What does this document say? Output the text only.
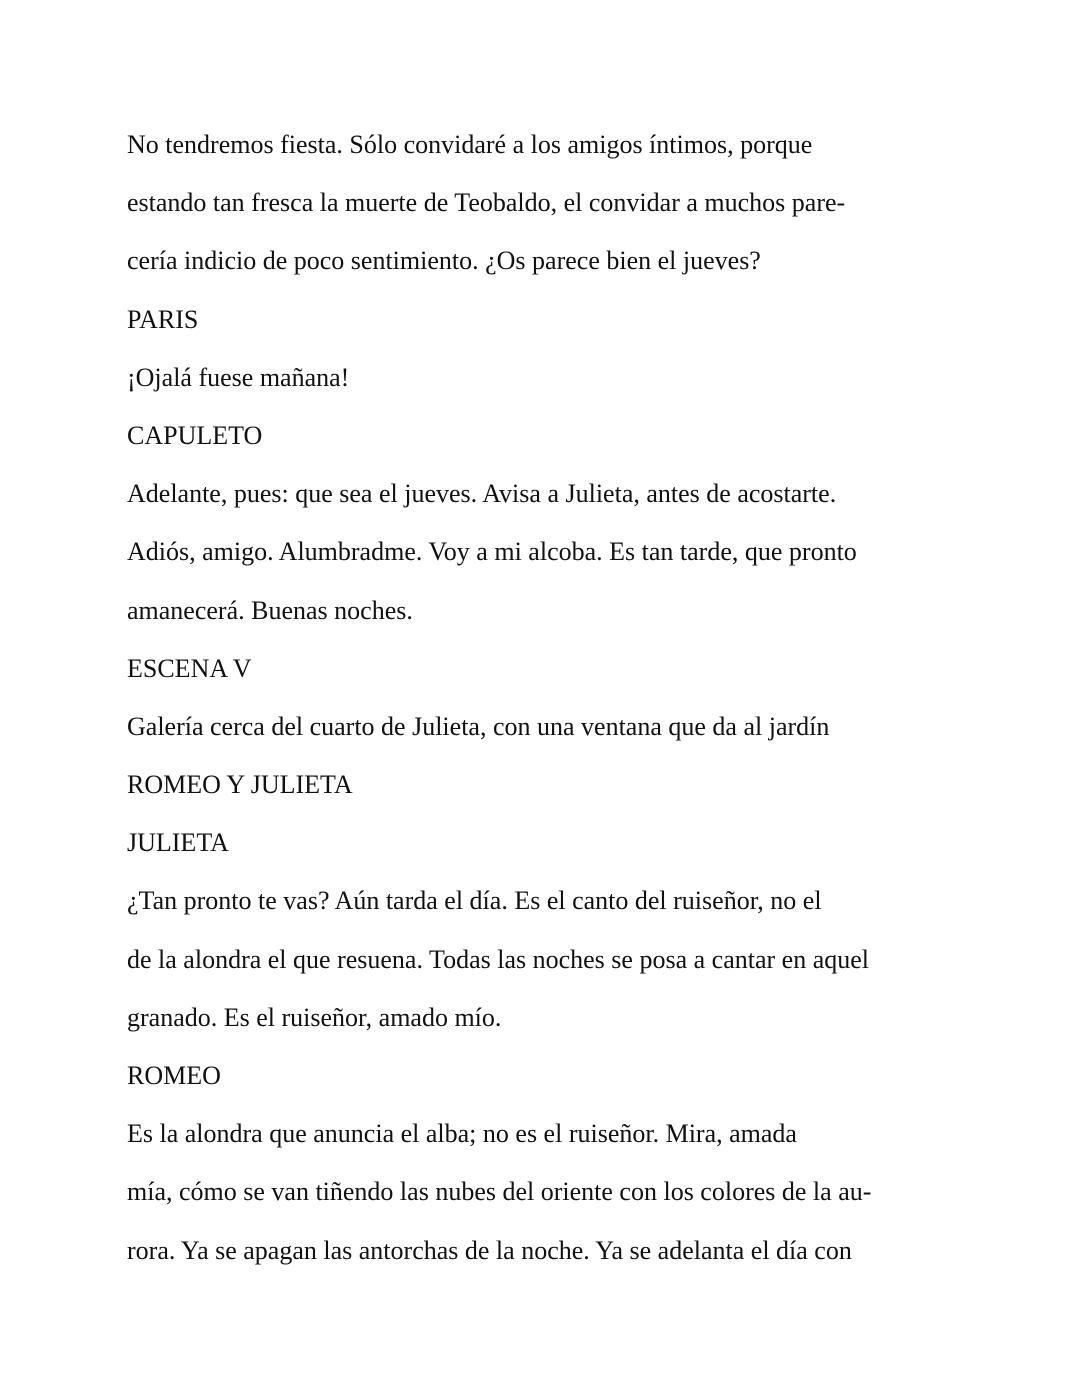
No tendremos fiesta. Sólo convidaré a los amigos íntimos, porque

estando tan fresca la muerte de Teobaldo, el convidar a muchos pare-

cería indicio de poco sentimiento. ¿Os parece bien el jueves?

PARIS

¡Ojalá fuese mañana!

CAPULETO

Adelante, pues: que sea el jueves. Avisa a Julieta, antes de acostarte.

Adiós, amigo. Alumbradme. Voy a mi alcoba. Es tan tarde, que pronto

amanecerá. Buenas noches.

ESCENA V

Galería cerca del cuarto de Julieta, con una ventana que da al jardín

ROMEO Y JULIETA

JULIETA

¿Tan pronto te vas? Aún tarda el día. Es el canto del ruiseñor, no el

de la alondra el que resuena. Todas las noches se posa a cantar en aquel

granado. Es el ruiseñor, amado mío.

ROMEO

Es la alondra que anuncia el alba; no es el ruiseñor. Mira, amada

mía, cómo se van tiñendo las nubes del oriente con los colores de la au-

rora. Ya se apagan las antorchas de la noche. Ya se adelanta el día con
